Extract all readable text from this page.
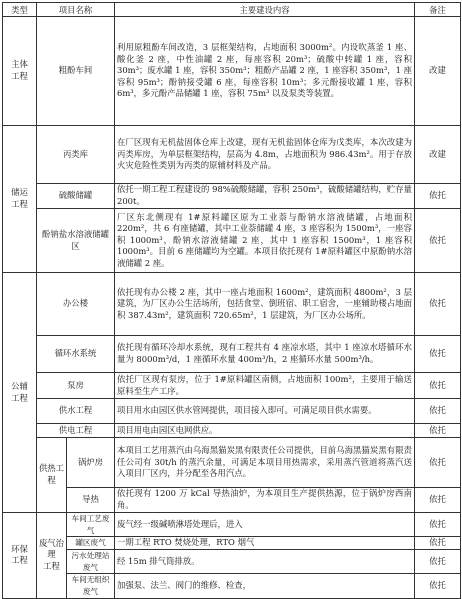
类型	项目名称		主要建设内容	备注
主体
工程	粗酚车间		利用原粗酚车间改造，3 层框架结构，占地面积 3000m²。内设吹蒸釜 1 座、酸化釜 2 座，中性油罐 2 座，每座容积 20m³；硫酸中转罐 1 座，容积 30m³；废水罐 1 座，容积 350m³；粗酚产品罐 2 座，1 座容积 350m³，1 座容积 95m³；酚钠接受罐 6 座，每座容积 10m³；多元酚接收罐 1 座，容积 6m³，多元酚产品储罐 1 座，容积 75m³ 以及泵类等装置。	改建
储运
工程	丙类库		在厂区现有无机盐固体仓库上改建，现有无机盐固体仓库为戊类库，本次改建为丙类库房，为单层框架结构，层高为 4.8m，占地面积为 986.43m²。用于存放火灾危险性类别为丙类的原辅材料及产品。	改建
	硫酸储罐		依托一期工程工程建设的 98%硫酸储罐，容积 250m³，硫酸储罐结构，贮存量 200t。	依托
	酚钠盐水溶液储罐区		厂区东北侧现有 1#原料罐区原为工业萘与酚钠水溶液储罐，占地面积 220m²，共 6 有座储罐，其中工业萘储罐 4 座，3 座容积为 1500m³，一座容积 1000m³，酚钠水溶液储罐 2 座，其中 1 座容积 1500m³，1 座容积 1000m³。目前 6 座储罐均为空罐。本项目依托现有 1#原料罐区中原酚钠水溶液储罐 2 座。	依托
公辅
工程	办公楼		依托现有办公楼 2 座，其中一座占地面积 1600m²，建筑面积 4800m²，3 层建筑，为厂区办公生活场所，包括食堂、倒班宿、职工宿舍，一座辅助楼占地面积 387.43m²，建筑面积 720.65m²，1 层建筑，为厂区办公场所。	依托
	循环水系统		依托现有循环冷却水系统，现有工程共有 4 座凉水塔，其中 1 座凉水塔循环水量为 8000m³/d，1 座循环水量 400m³/h，2 座循环水量 500m³/h。	依托
	泵房		依托厂区现有泵房，位于 1#原料罐区南侧，占地面积 100m²，主要用于输送原料至生产工序。	依托
	供水工程		项目用水由园区供水管网提供，项目接入即可。可满足项目供水需要。	依托
	供电工程		项目用电由园区电网供应。	依托
	供热工程	锅炉房	本项目工艺用蒸汽由乌海黑猫炭黑有限责任公司提供，目前乌海黑猫炭黑有限责任公司有 30t/h 的蒸汽余量，可满足本项目用热需求，采用蒸汽管道将蒸汽送入项目厂区内，并分配至各用汽点。	依托
		导热	依托现有 1200 万 kCal 导热油炉，为本项目生产提供热源，位于锅炉房西南角。	依托
环保
工程	废气治理
工程	车间工艺废气	废气经一级碱喷淋塔处理后，进入	依托
		罐区废气	一期工程 RTO 焚烧处理，RTO 烟气	依托
		污水处理站废气	经 15m 排气筒排放。	依托
		车间无组织废气	加强泵、法兰、阀门的维修、检查，	依托
